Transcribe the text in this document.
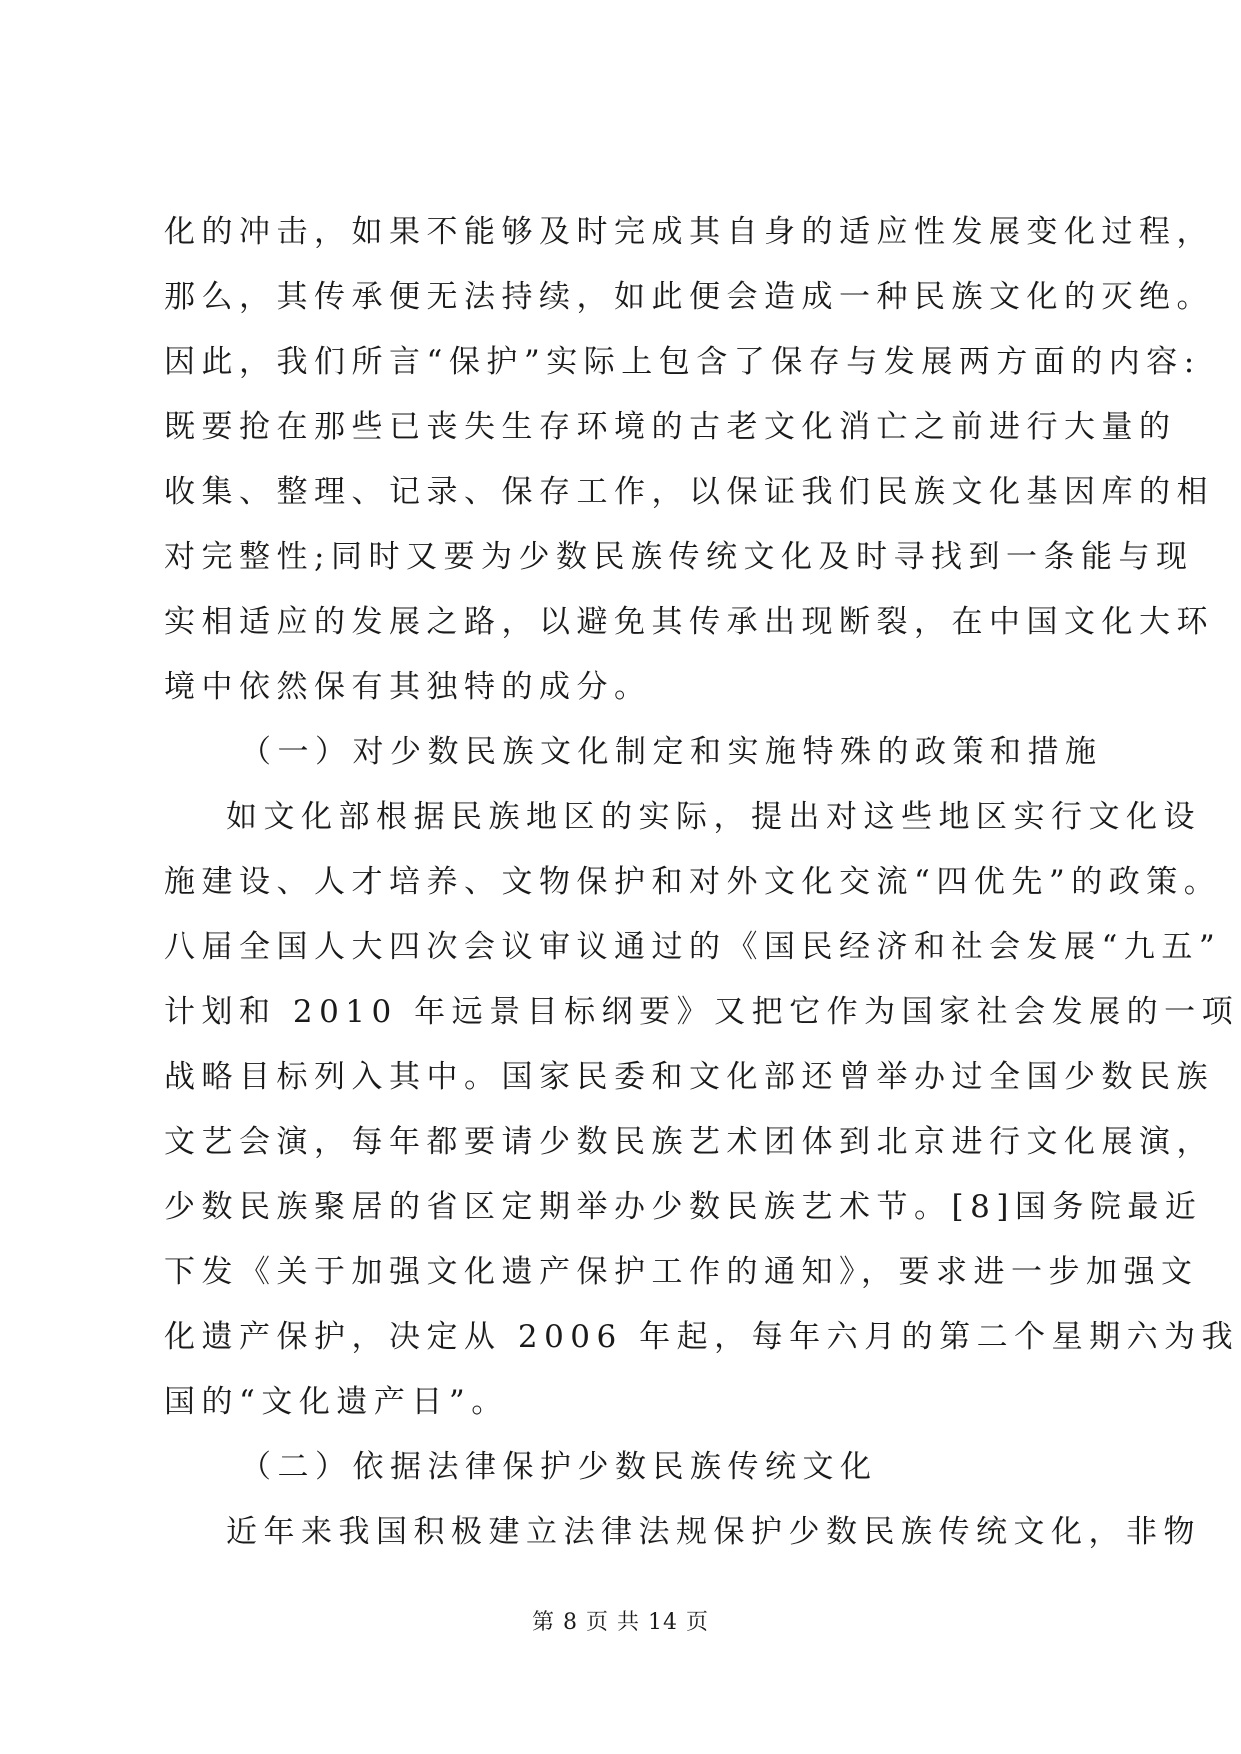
化的冲击，如果不能够及时完成其自身的适应性发展变化过程，
那么，其传承便无法持续，如此便会造成一种民族文化的灭绝。
因此，我们所言“保护”实际上包含了保存与发展两方面的内容:
既要抢在那些已丧失生存环境的古老文化消亡之前进行大量的
收集、整理、记录、保存工作，以保证我们民族文化基因库的相
对完整性;同时又要为少数民族传统文化及时寻找到一条能与现
实相适应的发展之路，以避免其传承出现断裂，在中国文化大环
境中依然保有其独特的成分。
（一）对少数民族文化制定和实施特殊的政策和措施
如文化部根据民族地区的实际，提出对这些地区实行文化设
施建设、人才培养、文物保护和对外文化交流“四优先”的政策。
八届全国人大四次会议审议通过的《国民经济和社会发展“九五”
计划和 2010 年远景目标纲要》又把它作为国家社会发展的一项
战略目标列入其中。国家民委和文化部还曾举办过全国少数民族
文艺会演，每年都要请少数民族艺术团体到北京进行文化展演，
少数民族聚居的省区定期举办少数民族艺术节。[8]国务院最近
下发《关于加强文化遗产保护工作的通知》，要求进一步加强文
化遗产保护，决定从 2006 年起，每年六月的第二个星期六为我
国的“文化遗产日”。
（二）依据法律保护少数民族传统文化
近年来我国积极建立法律法规保护少数民族传统文化，非物
第 8 页 共 14 页
